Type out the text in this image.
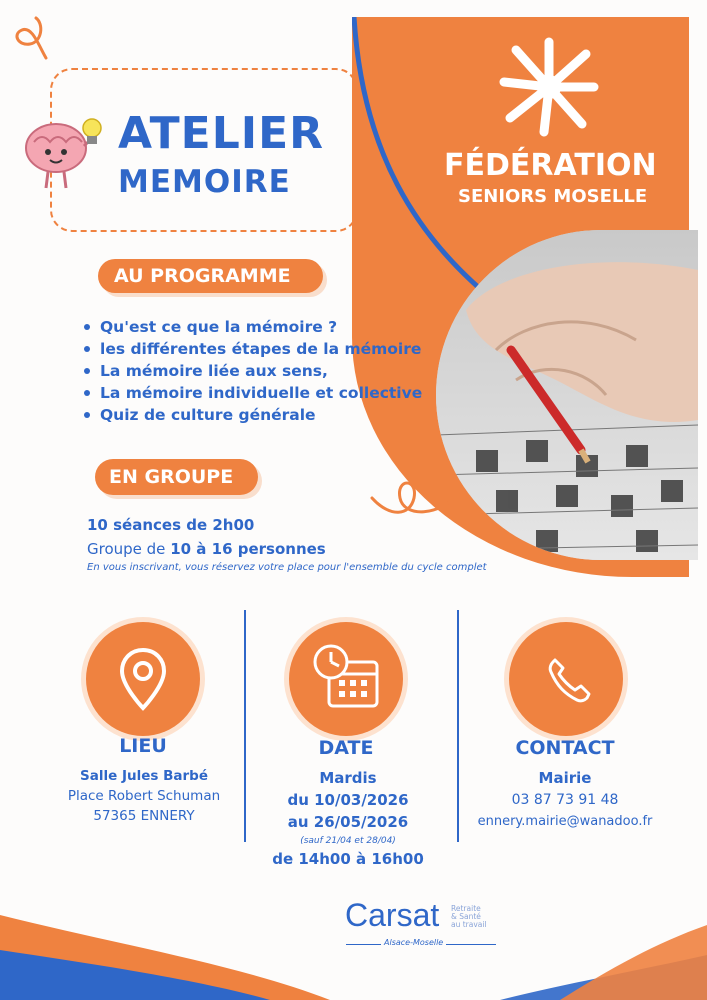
FÉDÉRATION
SENIORS MOSELLE
ATELIER
MEMOIRE
AU PROGRAMME
Qu'est ce que la mémoire ?
les différentes étapes de la mémoire
La mémoire liée aux sens,
La mémoire individuelle et collective
Quiz de culture générale
EN GROUPE
10 séances de 2h00
Groupe de 10 à 16 personnes
En vous inscrivant, vous réservez votre place pour l'ensemble du cycle complet
LIEU
Salle Jules Barbé
Place Robert Schuman
57365 ENNERY
DATE
Mardis
du 10/03/2026
au 26/05/2026
(sauf 21/04 et 28/04)
de 14h00 à 16h00
CONTACT
Mairie
03 87 73 91 48
ennery.mairie@wanadoo.fr
Carsat Retraite
& Santé
au travail
Alsace-Moselle
